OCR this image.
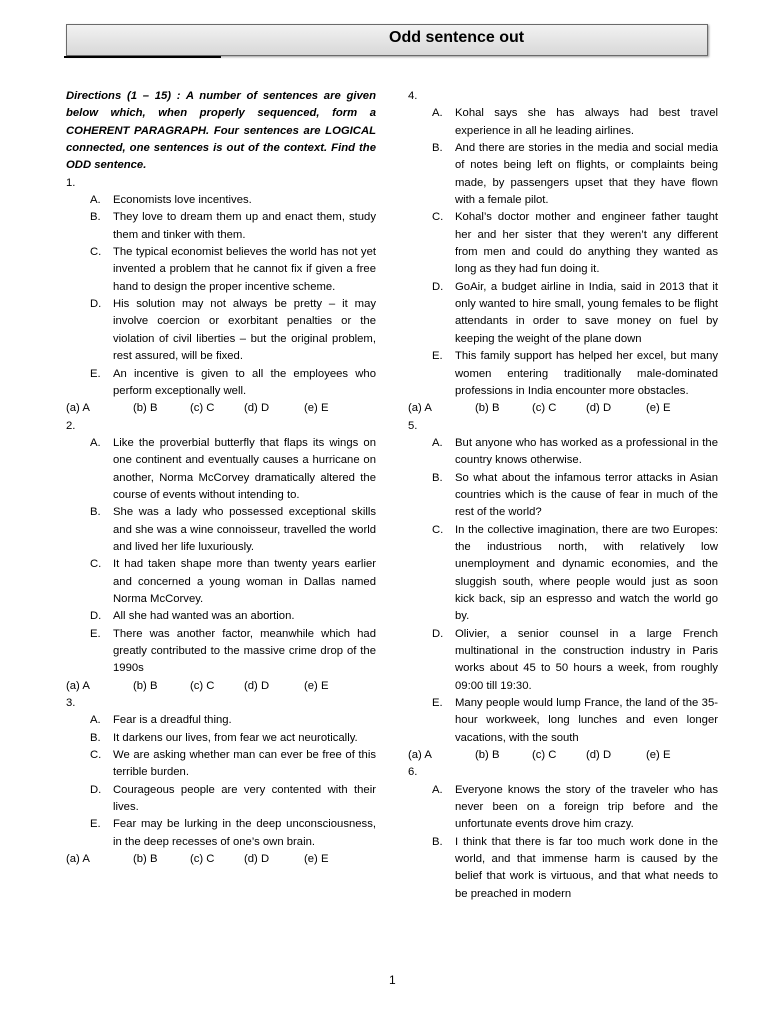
Odd sentence out
Directions (1 – 15) : A number of sentences are given below which, when properly sequenced, form a COHERENT PARAGRAPH. Four sentences are LOGICAL connected, one sentences is out of the context. Find the ODD sentence.
1.
A.	Economists love incentives.
B.	They love to dream them up and enact them, study them and tinker with them.
C.	The typical economist believes the world has not yet invented a problem that he cannot fix if given a free hand to design the proper incentive scheme.
D.	His solution may not always be pretty – it may involve coercion or exorbitant penalties or the violation of civil liberties – but the original problem, rest assured, will be fixed.
E.	An incentive is given to all the employees who perform exceptionally well.
(a) A	(b) B	(c) C	(d) D	(e) E
2.
A.	Like the proverbial butterfly that flaps its wings on one continent and eventually causes a hurricane on another, Norma McCorvey dramatically altered the course of events without intending to.
B.	She was a lady who possessed exceptional skills and she was a wine connoisseur, travelled the world and lived her life luxuriously.
C.	It had taken shape more than twenty years earlier and concerned a young woman in Dallas named Norma McCorvey.
D.	All she had wanted was an abortion.
E.	There was another factor, meanwhile which had greatly contributed to the massive crime drop of the 1990s
(a) A	(b) B	(c) C	(d) D	(e) E
3.
A.	Fear is a dreadful thing.
B.	It darkens our lives, from fear we act neurotically.
C.	We are asking whether man can ever be free of this terrible burden.
D.	Courageous people are very contented with their lives.
E.	Fear may be lurking in the deep unconsciousness, in the deep recesses of one’s own brain.
(a) A	(b) B	(c) C	(d) D	(e) E
4.
A.	Kohal says she has always had best travel experience in all he leading airlines.
B.	And there are stories in the media and social media of notes being left on flights, or complaints being made, by passengers upset that they have flown with a female pilot.
C.	Kohal’s doctor mother and engineer father taught her and her sister that they weren’t any different from men and could do anything they wanted as long as they had fun doing it.
D.	GoAir, a budget airline in India, said in 2013 that it only wanted to hire small, young females to be flight attendants in order to save money on fuel by keeping the weight of the plane down
E.	This family support has helped her excel, but many women entering traditionally male-dominated professions in India encounter more obstacles.
(a) A	(b) B	(c) C	(d) D	(e) E
5.
A.	But anyone who has worked as a professional in the country knows otherwise.
B.	So what about the infamous terror attacks in Asian countries which is the cause of fear in much of the rest of the world?
C.	In the collective imagination, there are two Europes: the industrious north, with relatively low unemployment and dynamic economies, and the sluggish south, where people would just as soon kick back, sip an espresso and watch the world go by.
D.	Olivier, a senior counsel in a large French multinational in the construction industry in Paris works about 45 to 50 hours a week, from roughly 09:00 till 19:30.
E.	Many people would lump France, the land of the 35-hour workweek, long lunches and even longer vacations, with the south
(a) A	(b) B	(c) C	(d) D	(e) E
6.
A.	Everyone knows the story of the traveler who has never been on a foreign trip before and the unfortunate events drove him crazy.
B.	I think that there is far too much work done in the world, and that immense harm is caused by the belief that work is virtuous, and that what needs to be preached in modern
1
